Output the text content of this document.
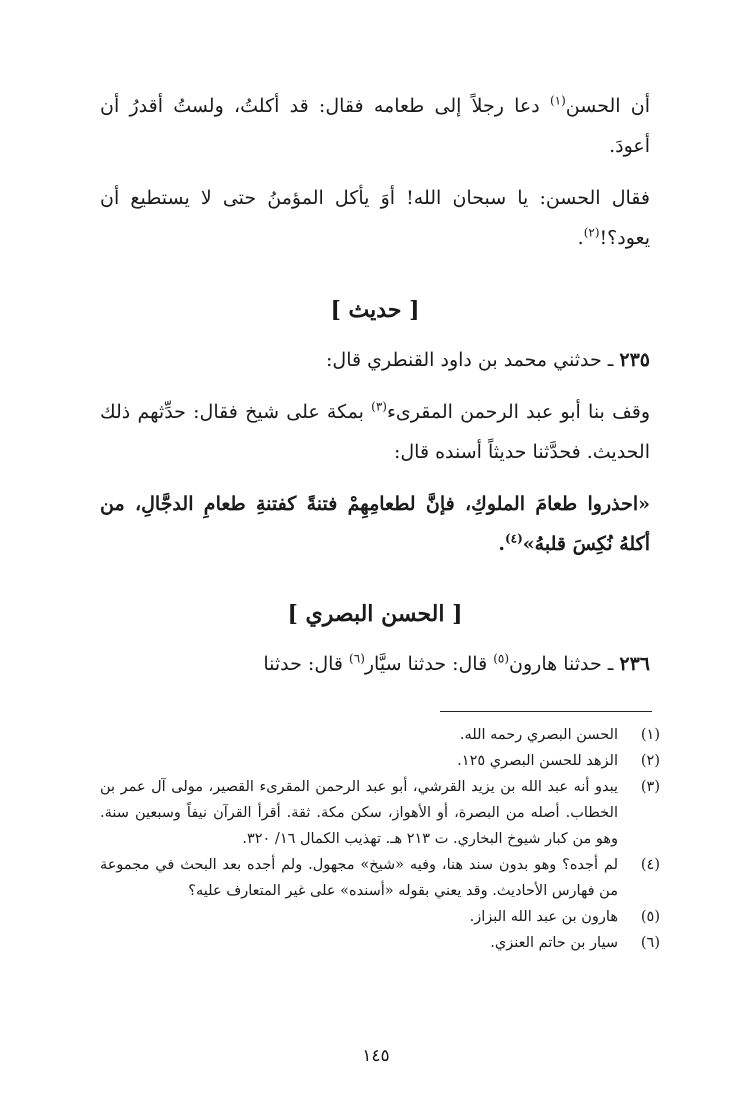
أن الحسن$^{(١)}$ دعا رجلاً إلى طعامه فقال: قد أكلتُ، ولستُ أقدرُ أن أعودَ.

فقال الحسن: يا سبحان الله! أوَ يأكل المؤمنُ حتى لا يستطيع أن يعود؟!$^{(٢)}$.

[ حديث ]

٢٣٥ ـ حدثني محمد بن داود القنطري قال:

وقف بنا أبو عبد الرحمن المقرىء$^{(٣)}$ بمكة على شيخ فقال: حدِّثهم ذلك الحديث. فحدَّثنا حديثاً أسنده قال:

«احذروا طعامَ الملوكِ، فإنَّ لطعامِهِمْ فتنةً كفتنةِ طعامِ الدجَّالِ، من أكلهُ نُكِسَ قلبهُ»$^{(٤)}$.

[ الحسن البصري ]

٢٣٦ ـ حدثنا هارون$^{(٥)}$ قال: حدثنا سيَّار$^{(٦)}$ قال: حدثنا

(١)
الحسن البصري رحمه الله.
(٢)
الزهد للحسن البصري ١٢٥.
(٣)
يبدو أنه عبد الله بن يزيد القرشي، أبو عبد الرحمن المقرىء القصير، مولى آل عمر بن الخطاب. أصله من البصرة، أو الأهواز، سكن مكة. ثقة. أقرأ القرآن نيفاً وسبعين سنة. وهو من كبار شيوخ البخاري. ت ٢١٣ هـ. تهذيب الكمال ١٦/ ٣٢٠.
(٤)
لم أجده؟ وهو بدون سند هنا، وفيه «شيخ» مجهول. ولم أجده بعد البحث في مجموعة من فهارس الأحاديث. وقد يعني بقوله «أسنده» على غير المتعارف عليه؟
(٥)
هارون بن عبد الله البزاز.
(٦)
سيار بن حاتم العنزي.
١٤٥
